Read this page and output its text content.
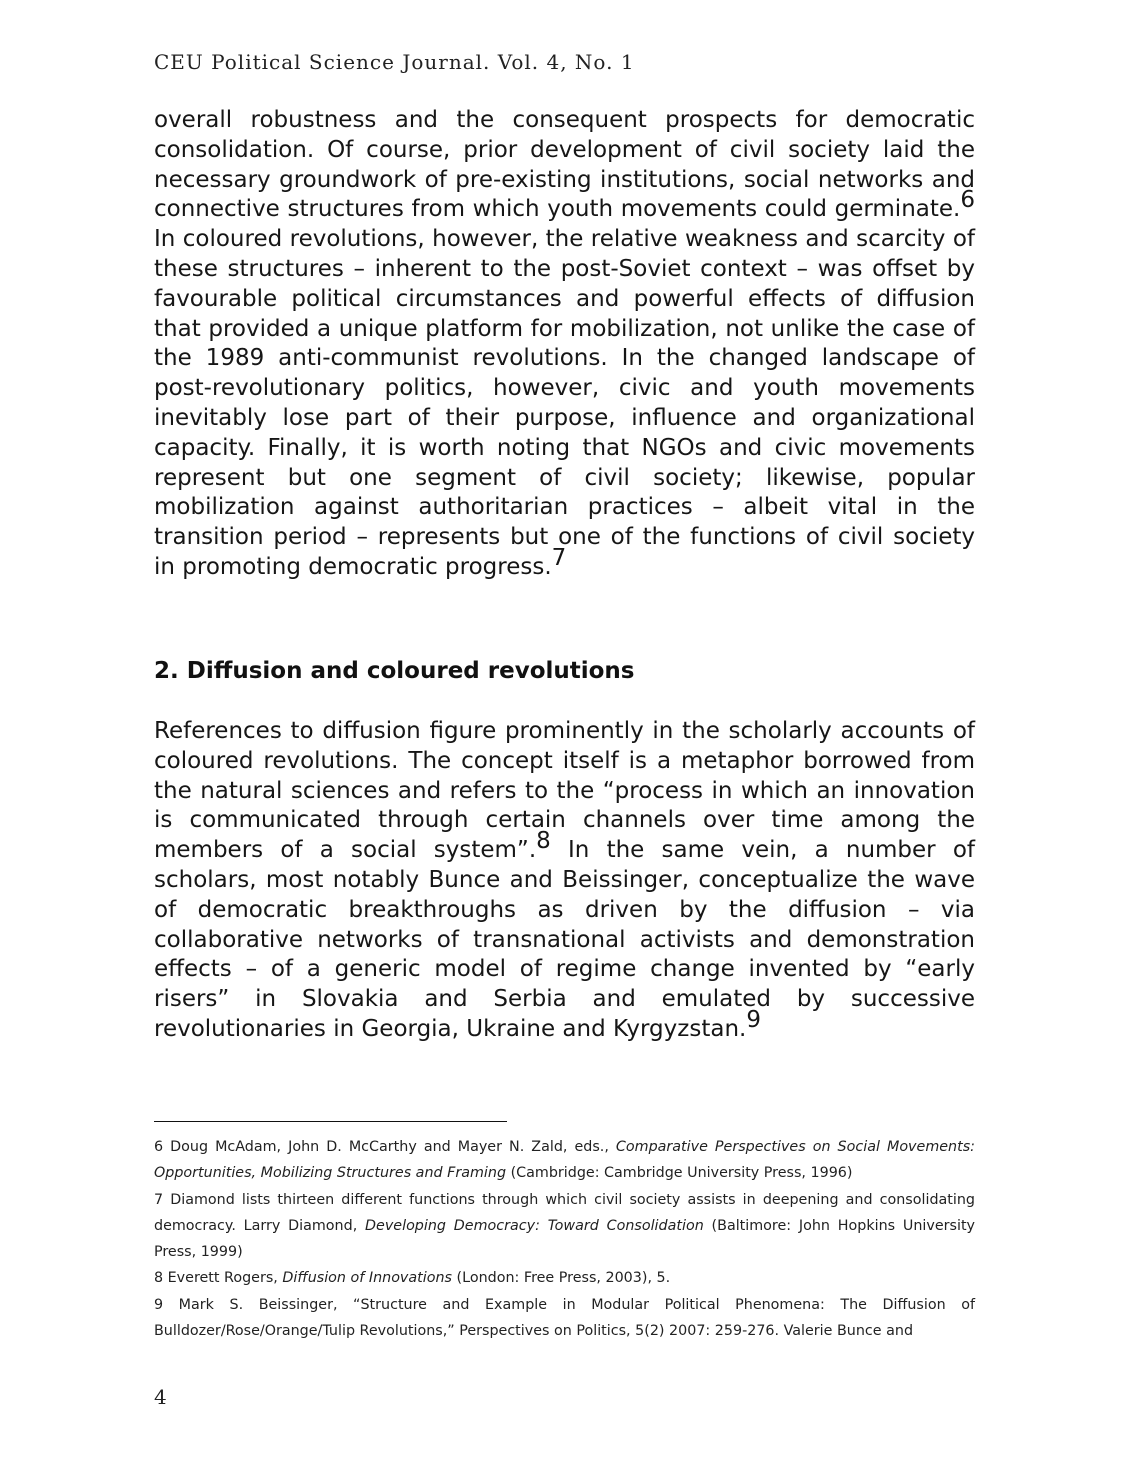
CEU Political Science Journal. Vol. 4, No. 1

overall robustness and the consequent prospects for democratic consolidation. Of course, prior development of civil society laid the necessary groundwork of pre-existing institutions, social networks and connective structures from which youth movements could germinate.$^6$ In coloured revolutions, however, the relative weakness and scarcity of these structures – inherent to the post-Soviet context – was offset by favourable political circumstances and powerful effects of diffusion that provided a unique platform for mobilization, not unlike the case of the 1989 anti-communist revolutions. In the changed landscape of post-revolutionary politics, however, civic and youth movements inevitably lose part of their purpose, influence and organizational capacity. Finally, it is worth noting that NGOs and civic movements represent but one segment of civil society; likewise, popular mobilization against authoritarian practices – albeit vital in the transition period – represents but one of the functions of civil society in promoting democratic progress.$^7$

2. Diffusion and coloured revolutions

References to diffusion figure prominently in the scholarly accounts of coloured revolutions. The concept itself is a metaphor borrowed from the natural sciences and refers to the “process in which an innovation is communicated through certain channels over time among the members of a social system”.$^8$ In the same vein, a number of scholars, most notably Bunce and Beissinger, conceptualize the wave of democratic breakthroughs as driven by the diffusion – via collaborative networks of transnational activists and demonstration effects – of a generic model of regime change invented by “early risers” in Slovakia and Serbia and emulated by successive revolutionaries in Georgia, Ukraine and Kyrgyzstan.$^9$

6 Doug McAdam, John D. McCarthy and Mayer N. Zald, eds., Comparative Perspectives on Social Movements: Opportunities, Mobilizing Structures and Framing (Cambridge: Cambridge University Press, 1996)

7 Diamond lists thirteen different functions through which civil society assists in deepening and consolidating democracy. Larry Diamond, Developing Democracy: Toward Consolidation (Baltimore: John Hopkins University Press, 1999)

8 Everett Rogers, Diffusion of Innovations (London: Free Press, 2003), 5.

9 Mark S. Beissinger, “Structure and Example in Modular Political Phenomena: The Diffusion of Bulldozer/Rose/Orange/Tulip Revolutions,” Perspectives on Politics, 5(2) 2007: 259-276. Valerie Bunce and

4
